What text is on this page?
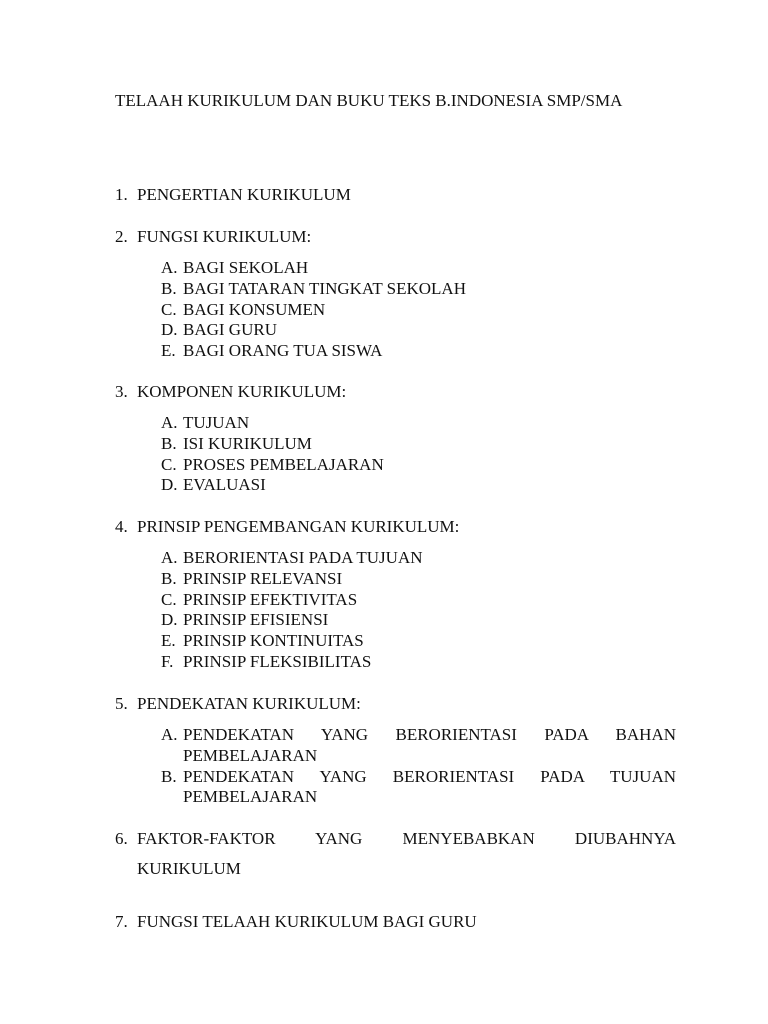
TELAAH KURIKULUM DAN BUKU TEKS B.INDONESIA SMP/SMA
1. PENGERTIAN KURIKULUM
2. FUNGSI KURIKULUM:
A. BAGI SEKOLAH
B. BAGI TATARAN TINGKAT SEKOLAH
C. BAGI KONSUMEN
D. BAGI GURU
E. BAGI ORANG TUA SISWA
3. KOMPONEN KURIKULUM:
A. TUJUAN
B. ISI KURIKULUM
C. PROSES PEMBELAJARAN
D. EVALUASI
4. PRINSIP PENGEMBANGAN KURIKULUM:
A. BERORIENTASI PADA TUJUAN
B. PRINSIP RELEVANSI
C. PRINSIP EFEKTIVITAS
D. PRINSIP EFISIENSI
E. PRINSIP KONTINUITAS
F. PRINSIP FLEKSIBILITAS
5. PENDEKATAN KURIKULUM:
A. PENDEKATAN YANG BERORIENTASI PADA BAHAN PEMBELAJARAN
B. PENDEKATAN YANG BERORIENTASI PADA TUJUAN PEMBELAJARAN
6. FAKTOR-FAKTOR YANG MENYEBABKAN DIUBAHNYA
KURIKULUM
7. FUNGSI TELAAH KURIKULUM BAGI GURU
